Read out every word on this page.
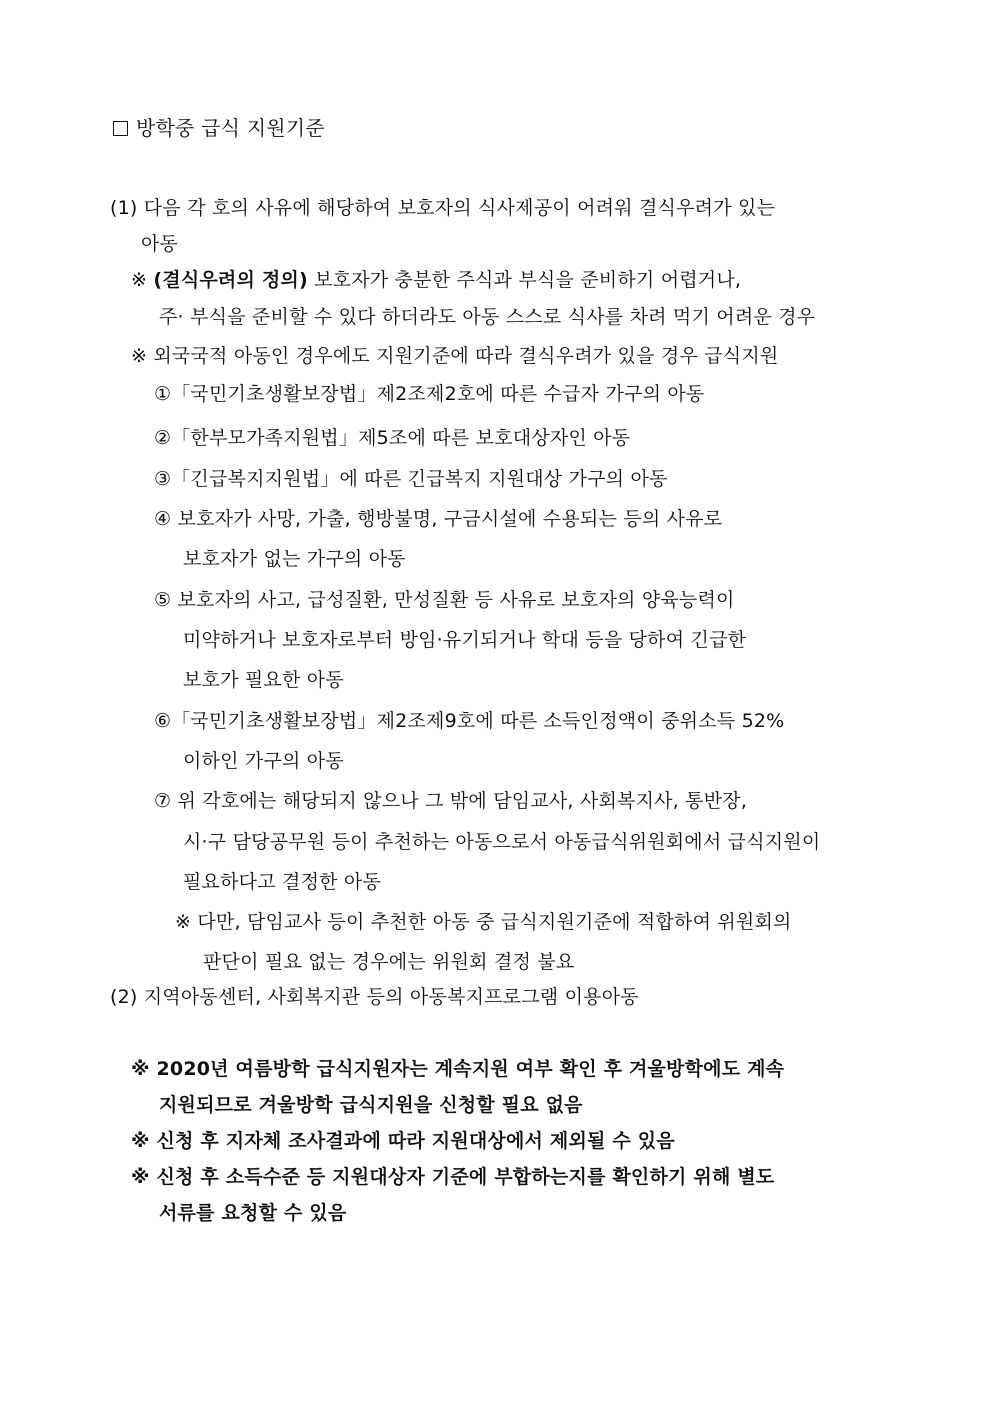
방학중 급식 지원기준
(1) 다음 각 호의 사유에 해당하여 보호자의 식사제공이 어려워 결식우려가 있는
아동
※ (결식우려의 정의) 보호자가 충분한 주식과 부식을 준비하기 어렵거나,
주· 부식을 준비할 수 있다 하더라도 아동 스스로 식사를 차려 먹기 어려운 경우
※ 외국국적 아동인 경우에도 지원기준에 따라 결식우려가 있을 경우 급식지원
①「국민기초생활보장법」제2조제2호에 따른 수급자 가구의 아동
②「한부모가족지원법」제5조에 따른 보호대상자인 아동
③「긴급복지지원법」에 따른 긴급복지 지원대상 가구의 아동
④ 보호자가 사망, 가출, 행방불명, 구금시설에 수용되는 등의 사유로
보호자가 없는 가구의 아동
⑤ 보호자의 사고, 급성질환, 만성질환 등 사유로 보호자의 양육능력이
미약하거나 보호자로부터 방임·유기되거나 학대 등을 당하여 긴급한
보호가 필요한 아동
⑥「국민기초생활보장법」제2조제9호에 따른 소득인정액이 중위소득 52%
이하인 가구의 아동
⑦ 위 각호에는 해당되지 않으나 그 밖에 담임교사, 사회복지사, 통반장,
시·구 담당공무원 등이 추천하는 아동으로서 아동급식위원회에서 급식지원이
필요하다고 결정한 아동
※ 다만, 담임교사 등이 추천한 아동 중 급식지원기준에 적합하여 위원회의
판단이 필요 없는 경우에는 위원회 결정 불요
(2) 지역아동센터, 사회복지관 등의 아동복지프로그램 이용아동
※ 2020년 여름방학 급식지원자는 계속지원 여부 확인 후 겨울방학에도 계속
지원되므로 겨울방학 급식지원을 신청할 필요 없음
※ 신청 후 지자체 조사결과에 따라 지원대상에서 제외될 수 있음
※ 신청 후 소득수준 등 지원대상자 기준에 부합하는지를 확인하기 위해 별도
서류를 요청할 수 있음
